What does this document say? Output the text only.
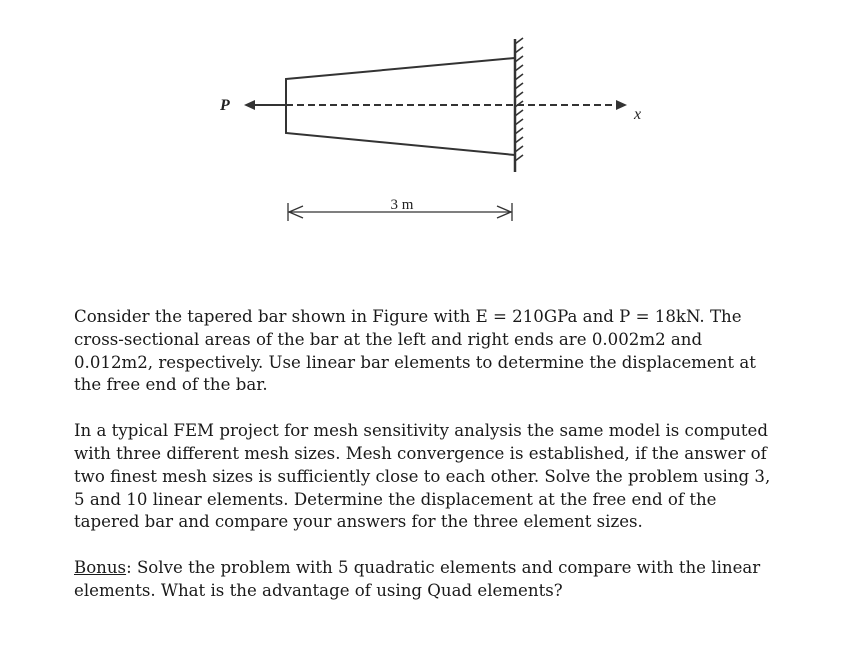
x
P
3 m

Consider the tapered bar shown in Figure with E = 210GPa and P = 18kN. The cross-sectional areas of the bar at the left and right ends are 0.002m2 and 0.012m2, respectively. Use linear bar elements to determine the displacement at the free end of the bar.

In a typical FEM project for mesh sensitivity analysis the same model is computed with three different mesh sizes. Mesh convergence is established, if the answer of two finest mesh sizes is sufficiently close to each other. Solve the problem using 3, 5 and 10 linear elements. Determine the displacement at the free end of the tapered bar and compare your answers for the three element sizes.

Bonus: Solve the problem with 5 quadratic elements and compare with the linear elements. What is the advantage of using Quad elements?
